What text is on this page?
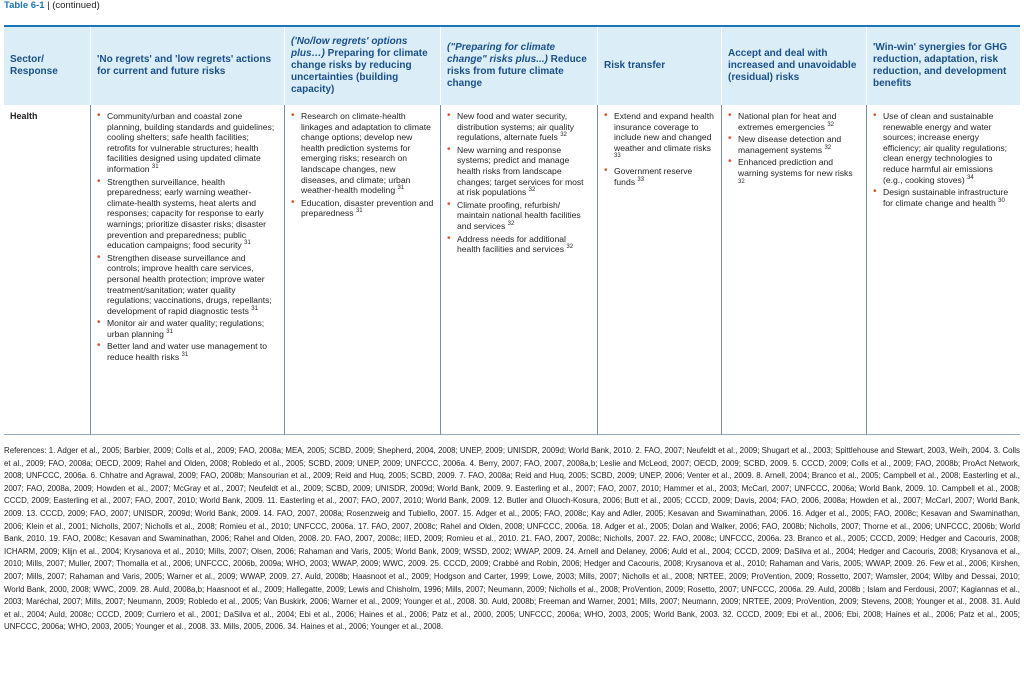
Table 6-1 | (continued)
Sector/ Response
'No regrets' and 'low regrets' actions for current and future risks
('No/low regrets' options plus…) Preparing for climate change risks by reducing uncertainties (building capacity)
("Preparing for climate change" risks plus...) Reduce risks from future climate change
Risk transfer
Accept and deal with increased and unavoidable (residual) risks
'Win-win' synergies for GHG reduction, adaptation, risk reduction, and development benefits
Health
•	Community/urban and coastal zone planning, building standards and guidelines; cooling shelters; safe health facilities; retrofits for vulnerable structures; health facilities designed using updated climate information $^{31}$
• Strengthen surveillance, health preparedness; early warning weather-climate-health systems, heat alerts and responses; capacity for response to early warnings; prioritize disaster risks; disaster prevention and preparedness; public education campaigns; food security $^{31}$
• Strengthen disease surveillance and controls; improve health care services, personal health protection; improve water treatment/sanitation; water quality regulations; vaccinations, drugs, repellants; development of rapid diagnostic tests $^{31}$
• Monitor air and water quality; regulations; urban planning $^{31}$
• Better land and water use management to reduce health risks $^{31}$
• Research on climate-health linkages and adaptation to climate change options; develop new health prediction systems for emerging risks; research on landscape changes, new diseases, and climate; urban weather-health modeling $^{31}$
• Education, disaster prevention and preparedness $^{31}$
• New food and water security, distribution systems; air quality regulations, alternate fuels $^{32}$
• New warning and response systems; predict and manage health risks from landscape changes; target services for most at risk populations $^{32}$
• Climate proofing, refurbish/ maintain national health facilities and services $^{32}$
• Address needs for additional health facilities and services $^{32}$
• Extend and expand health insurance coverage to include new and changed weather and climate risks $^{33}$
• Government reserve funds $^{33}$
• National plan for heat and extremes emergencies $^{32}$
• New disease detection and management systems $^{32}$
• Enhanced prediction and warning systems for new risks $^{32}$
• Use of clean and sustainable renewable energy and water sources; increase energy efficiency; air quality regulations; clean energy technologies to reduce harmful air emissions (e.g., cooking stoves) $^{34}$
• Design sustainable infrastructure for climate change and health $^{30}$
References: 1. Adger et al., 2005; Barbier, 2009; Colls et al., 2009; FAO, 2008a; MEA, 2005; SCBD, 2009; Shepherd, 2004, 2008; UNEP, 2009; UNISDR, 2009d; World Bank, 2010. 2. FAO, 2007; Neufeldt et al., 2009; Shugart et al., 2003; Spittlehouse and Stewart, 2003, Weih, 2004. 3. Colls et al., 2009; FAO, 2008a; OECD, 2009; Rahel and Olden, 2008; Robledo et al., 2005; SCBD, 2009; UNEP, 2009; UNFCCC, 2006a. 4. Berry, 2007; FAO, 2007, 2008a,b; Leslie and McLeod, 2007; OECD, 2009; SCBD, 2009. 5. CCCD, 2009; Colls et al., 2009; FAO, 2008b; ProAct Network, 2008; UNFCCC, 2006a. 6. Chhatre and Agrawal, 2009; FAO, 2008b; Mansourian et al., 2009; Reid and Huq, 2005; SCBD, 2009. 7. FAO, 2008a; Reid and Huq, 2005; SCBD, 2009; UNEP, 2006; Venter et al., 2009. 8. Arnell, 2004; Branco et al., 2005; Campbell et al., 2008; Easterling et al., 2007; FAO, 2008a, 2009; Howden et al., 2007; McGray et al., 2007; Neufeldt et al., 2009; SCBD, 2009; UNISDR, 2009d; World Bank, 2009. 9. Easterling et al., 2007; FAO, 2007, 2010; Hammer et al., 2003; McCarl, 2007; UNFCCC, 2006a; World Bank, 2009. 10. Campbell et al., 2008; CCCD, 2009; Easterling et al., 2007; FAO, 2007, 2010; World Bank, 2009. 11. Easterling et al., 2007; FAO, 2007, 2010; World Bank, 2009. 12. Butler and Oluoch-Kosura, 2006; Butt et al., 2005; CCCD, 2009; Davis, 2004; FAO, 2006, 2008a; Howden et al., 2007; McCarl, 2007; World Bank, 2009. 13. CCCD, 2009; FAO, 2007; UNISDR, 2009d; World Bank, 2009. 14. FAO, 2007, 2008a; Rosenzweig and Tubiello, 2007. 15. Adger et al., 2005; FAO, 2008c; Kay and Adler, 2005; Kesavan and Swaminathan, 2006. 16. Adger et al., 2005; FAO, 2008c; Kesavan and Swaminathan, 2006; Klein et al., 2001; Nicholls, 2007; Nicholls et al., 2008; Romieu et al., 2010; UNFCCC, 2006a. 17. FAO, 2007, 2008c; Rahel and Olden, 2008; UNFCCC, 2006a. 18. Adger et al., 2005; Dolan and Walker, 2006; FAO, 2008b; Nicholls, 2007; Thorne et al., 2006; UNFCCC, 2006b; World Bank, 2010. 19. FAO, 2008c; Kesavan and Swaminathan, 2006; Rahel and Olden, 2008. 20. FAO, 2007, 2008c; IIED, 2009; Romieu et al., 2010. 21. FAO, 2007, 2008c; Nicholls, 2007. 22. FAO, 2008c; UNFCCC, 2006a. 23. Branco et al., 2005; CCCD, 2009; Hedger and Cacouris, 2008; ICHARM, 2009; Klijn et al., 2004; Krysanova et al., 2010; Mills, 2007; Olsen, 2006; Rahaman and Varis, 2005; World Bank, 2009; WSSD, 2002; WWAP, 2009. 24. Arnell and Delaney, 2006; Auld et al., 2004; CCCD, 2009; DaSilva et al., 2004; Hedger and Cacouris, 2008; Krysanova et al., 2010; Mills, 2007; Muller, 2007; Thomalla et al., 2006; UNFCCC, 2006b, 2009a; WHO, 2003; WWAP, 2009; WWC, 2009. 25. CCCD, 2009; Crabbé and Robin, 2006; Hedger and Cacouris, 2008; Krysanova et al., 2010; Rahaman and Varis, 2005; WWAP, 2009. 26. Few et al., 2006; Kirshen, 2007; Mills, 2007; Rahaman and Varis, 2005; Warner et al., 2009; WWAP, 2009. 27. Auld, 2008b; Haasnoot et al., 2009; Hodgson and Carter, 1999; Lowe, 2003; Mills, 2007; Nicholls et al., 2008; NRTEE, 2009; ProVention, 2009; Rossetto, 2007; Wamsler, 2004; Wilby and Dessai, 2010; World Bank, 2000, 2008; WWC, 2009. 28. Auld, 2008a,b; Haasnoot et al., 2009; Hallegatte, 2009; Lewis and Chisholm, 1996; Mills, 2007; Neumann, 2009; Nicholls et al., 2008; ProVention, 2009; Rosetto, 2007; UNFCCC, 2006a. 29. Auld, 2008b ; Islam and Ferdousi, 2007; Kagiannas et al., 2003; Maréchal, 2007; Mills, 2007; Neumann, 2009; Robledo et al., 2005; Van Buskirk, 2006; Warner et al., 2009; Younger et al., 2008. 30. Auld, 2008b; Freeman and Warner, 2001; Mills, 2007; Neumann, 2009; NRTEE, 2009; ProVention, 2009; Stevens, 2008; Younger et al., 2008. 31. Auld et al., 2004; Auld, 2008c; CCCD, 2009; Curriero et al., 2001; DaSilva et al., 2004; Ebi et al., 2006; Haines et al., 2006; Patz et al., 2000, 2005; UNFCCC, 2006a; WHO, 2003, 2005; World Bank, 2003. 32. CCCD, 2009; Ebi et al., 2006; Ebi, 2008; Haines et al., 2006; Patz et al., 2005; UNFCCC, 2006a; WHO, 2003, 2005; Younger et al., 2008. 33. Mills, 2005, 2006. 34. Haines et al., 2006; Younger et al., 2008.
